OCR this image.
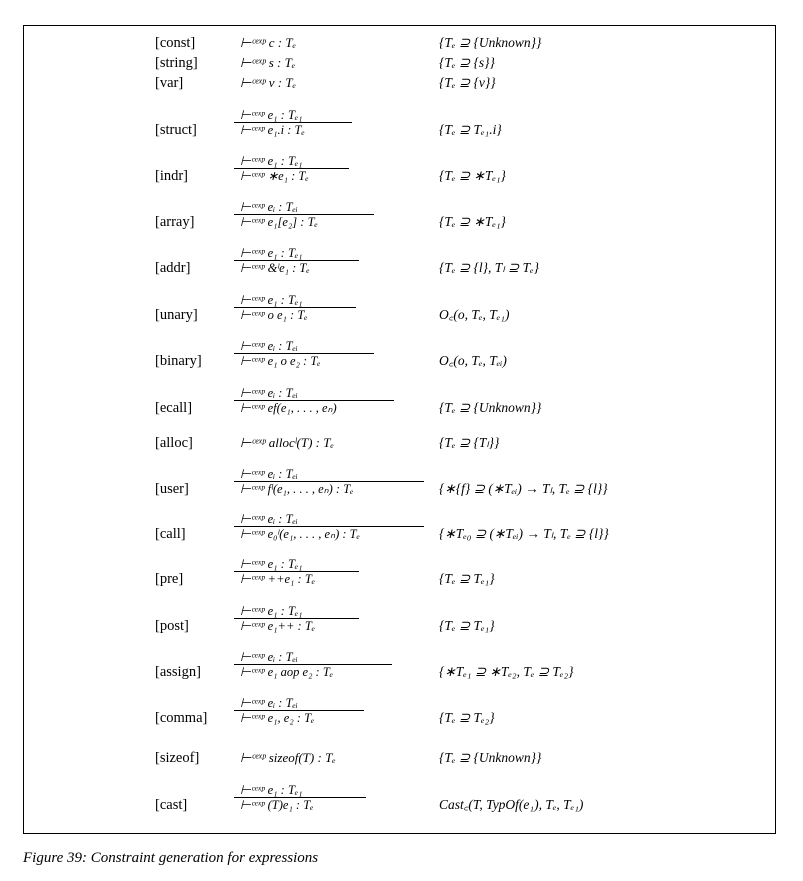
[const]	⊢ᶜᵉˣᵖ c : Tₑ	{Tₑ ⊇ {Unknown}}
[string]	⊢ᶜᵉˣᵖ s : Tₑ	{Tₑ ⊇ {s}}
[var]	⊢ᶜᵉˣᵖ v : Tₑ	{Tₑ ⊇ {v}}
[struct]
⊢ᶜᵉˣᵖ e₁ : Tₑ₁
⊢ᶜᵉˣᵖ e₁.i : Tₑ	{Tₑ ⊇ Tₑ₁.i}
[indr]
⊢ᶜᵉˣᵖ e₁ : Tₑ₁
⊢ᶜᵉˣᵖ ∗e₁ : Tₑ	{Tₑ ⊇ ∗Tₑ₁}
[array]
⊢ᶜᵉˣᵖ eᵢ : Tₑᵢ
⊢ᶜᵉˣᵖ e₁[e₂] : Tₑ	{Tₑ ⊇ ∗Tₑ₁}
[addr]
⊢ᶜᵉˣᵖ e₁ : Tₑ₁
⊢ᶜᵉˣᵖ &ˡe₁ : Tₑ	{Tₑ ⊇ {l}, Tₗ ⊇ Tₑ}
[unary]
⊢ᶜᵉˣᵖ e₁ : Tₑ₁
⊢ᶜᵉˣᵖ o e₁ : Tₑ	O꜀(o, Tₑ, Tₑ₁)
[binary]
⊢ᶜᵉˣᵖ eᵢ : Tₑᵢ
⊢ᶜᵉˣᵖ e₁ o e₂ : Tₑ	O꜀(o, Tₑ, Tₑᵢ)
[ecall]
⊢ᶜᵉˣᵖ eᵢ : Tₑᵢ
⊢ᶜᵉˣᵖ ef(e₁, . . . , eₙ)	{Tₑ ⊇ {Unknown}}
[alloc]	⊢ᶜᵉˣᵖ allocˡ(T) : Tₑ	{Tₑ ⊇ {Tₗ}}
[user]
⊢ᶜᵉˣᵖ eᵢ : Tₑᵢ
⊢ᶜᵉˣᵖ fˡ(e₁, . . . , eₙ) : Tₑ	{∗{f} ⊇ (∗Tₑᵢ) → Tₗ, Tₑ ⊇ {l}}
[call]
⊢ᶜᵉˣᵖ eᵢ : Tₑᵢ
⊢ᶜᵉˣᵖ e₀ˡ(e₁, . . . , eₙ) : Tₑ	{∗Tₑ₀ ⊇ (∗Tₑᵢ) → Tₗ, Tₑ ⊇ {l}}
[pre]
⊢ᶜᵉˣᵖ e₁ : Tₑ₁
⊢ᶜᵉˣᵖ ++e₁ : Tₑ	{Tₑ ⊇ Tₑ₁}
[post]
⊢ᶜᵉˣᵖ e₁ : Tₑ₁
⊢ᶜᵉˣᵖ e₁++ : Tₑ	{Tₑ ⊇ Tₑ₁}
[assign]
⊢ᶜᵉˣᵖ eᵢ : Tₑᵢ
⊢ᶜᵉˣᵖ e₁ aop e₂ : Tₑ	{∗Tₑ₁ ⊇ ∗Tₑ₂, Tₑ ⊇ Tₑ₂}
[comma]
⊢ᶜᵉˣᵖ eᵢ : Tₑᵢ
⊢ᶜᵉˣᵖ e₁, e₂ : Tₑ	{Tₑ ⊇ Tₑ₂}
[sizeof]	⊢ᶜᵉˣᵖ sizeof(T) : Tₑ	{Tₑ ⊇ {Unknown}}
[cast]
⊢ᶜᵉˣᵖ e₁ : Tₑ₁
⊢ᶜᵉˣᵖ (T)e₁ : Tₑ	Cast꜀(T, TypOf(e₁), Tₑ, Tₑ₁)
Figure 39: Constraint generation for expressions
